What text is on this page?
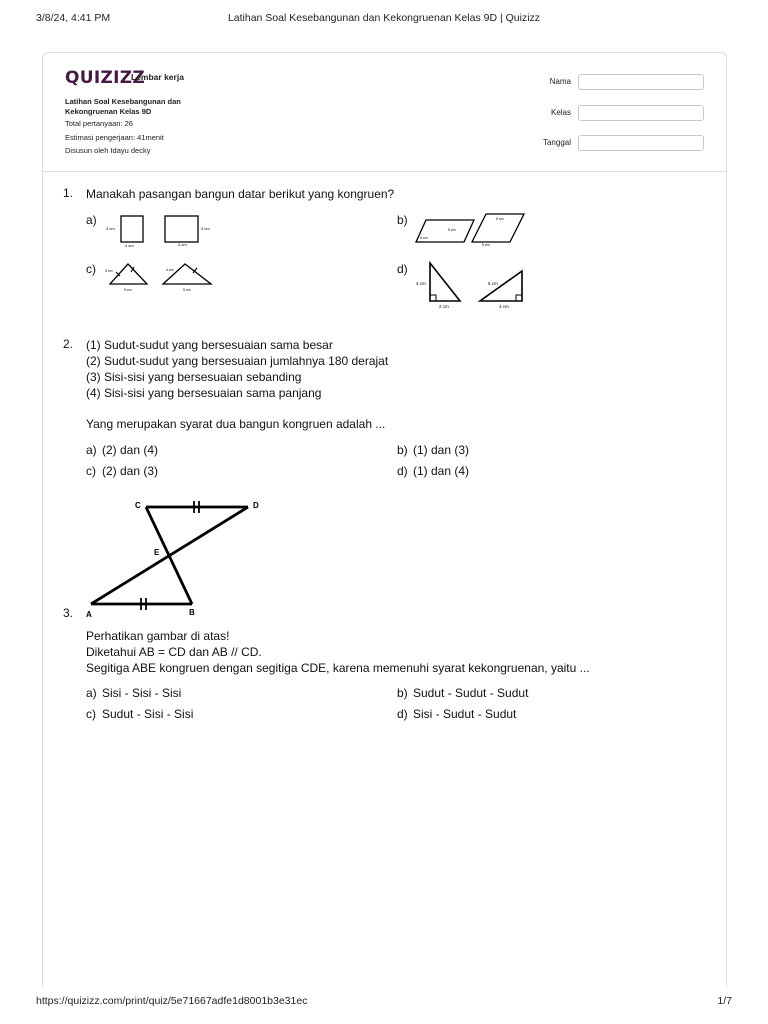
3/8/24, 4:41 PM	Latihan Soal Kesebangunan dan Kekongruenan Kelas 9D | Quizizz
QUIZIZZ
Lembar kerja
Latihan Soal Kesebangunan dan
Kekongruenan Kelas 9D
Total pertanyaan: 26
Estimasi pengerjaan: 41menit
Disusun oleh Idayu decky
Nama
Kelas
Tanggal
1. Manakah pasangan bangun datar berikut yang kongruen?
a)
3 cm
4 cm	4 cm
3 cm
b)
5 cm
5 cm
5 cm
5 cm
c)	3 cm
5 cm
4 cm
5 cm
d)
4 cm
2 cm
5 cm
4 cm
2. (1) Sudut-sudut yang bersesuaian sama besar
(2) Sudut-sudut yang bersesuaian jumlahnya 180 derajat
(3) Sisi-sisi yang bersesuaian sebanding
(4) Sisi-sisi yang bersesuaian sama panjang
Yang merupakan syarat dua bangun kongruen adalah ...
a) (2) dan (4)	b) (1) dan (3)
c) (2) dan (3)	d) (1) dan (4)
A	B
C	D
E
3.
Perhatikan gambar di atas!
Diketahui AB = CD dan AB // CD.
Segitiga ABE kongruen dengan segitiga CDE, karena memenuhi syarat kekongruenan, yaitu ...
a) Sisi - Sisi - Sisi	b) Sudut - Sudut - Sudut
c) Sudut - Sisi - Sisi	d) Sisi - Sudut - Sudut
https://quizizz.com/print/quiz/5e71667adfe1d8001b3e31ec	1/7
